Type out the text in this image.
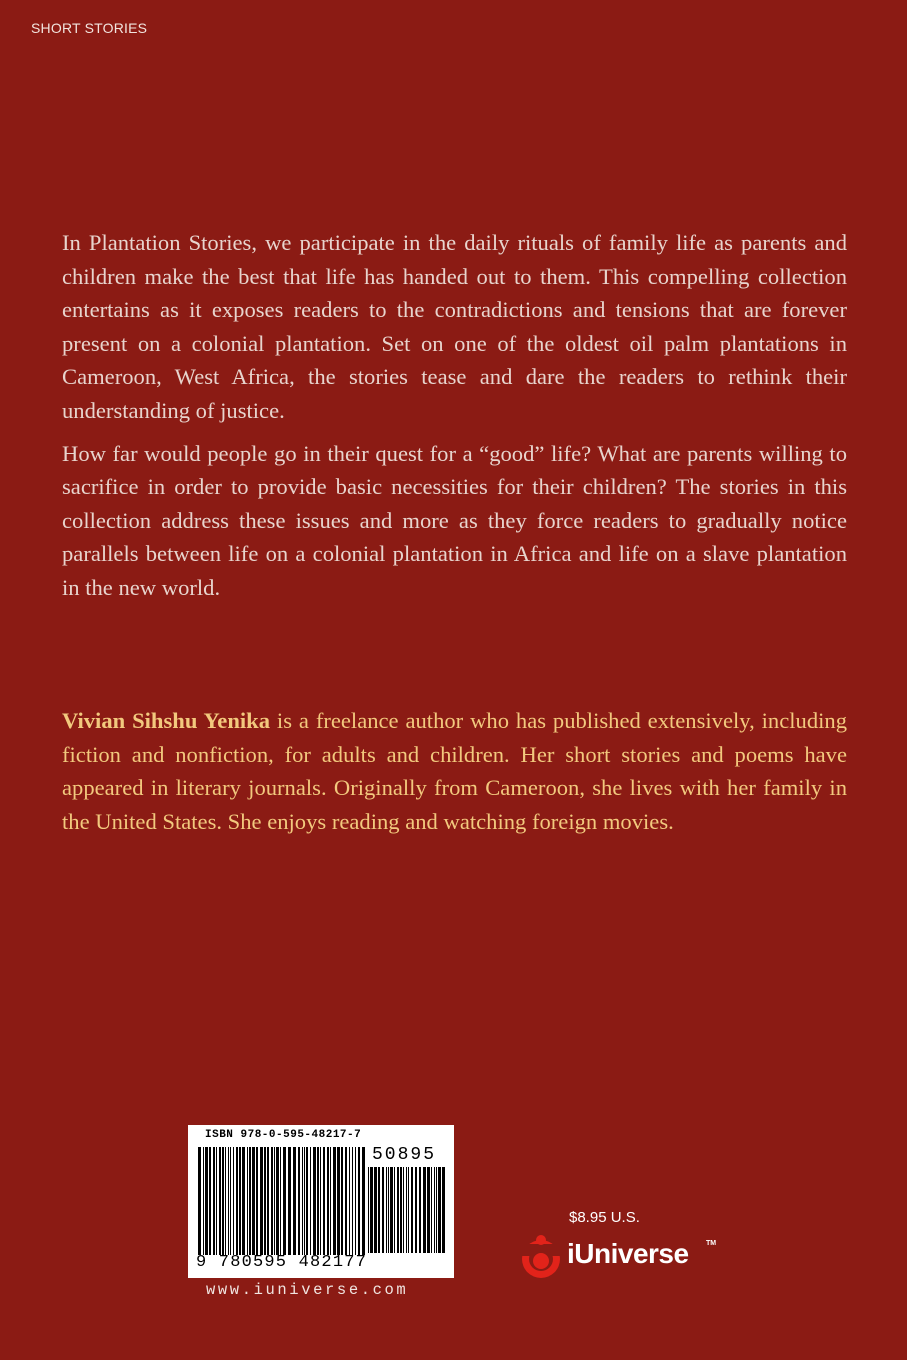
SHORT STORIES

In Plantation Stories, we participate in the daily rituals of family life as parents and children make the best that life has handed out to them. This compelling collection entertains as it exposes readers to the contradictions and tensions that are forever present on a colonial plantation. Set on one of the oldest oil palm plantations in Cameroon, West Africa, the stories tease and dare the readers to rethink their understanding of justice.

How far would people go in their quest for a “good” life? What are parents willing to sacrifice in order to provide basic necessities for their children? The stories in this collection address these issues and more as they force readers to gradually notice parallels between life on a colonial plantation in Africa and life on a slave plantation in the new world.

Vivian Sihshu Yenika is a freelance author who has published extensively, including fiction and nonfiction, for adults and children. Her short stories and poems have appeared in literary journals. Originally from Cameroon, she lives with her family in the United States. She enjoys reading and watching foreign movies.

ISBN 978-0-595-48217-7
50895
9 780595 482177
www.iuniverse.com
$8.95 U.S.
iUniverse TM
